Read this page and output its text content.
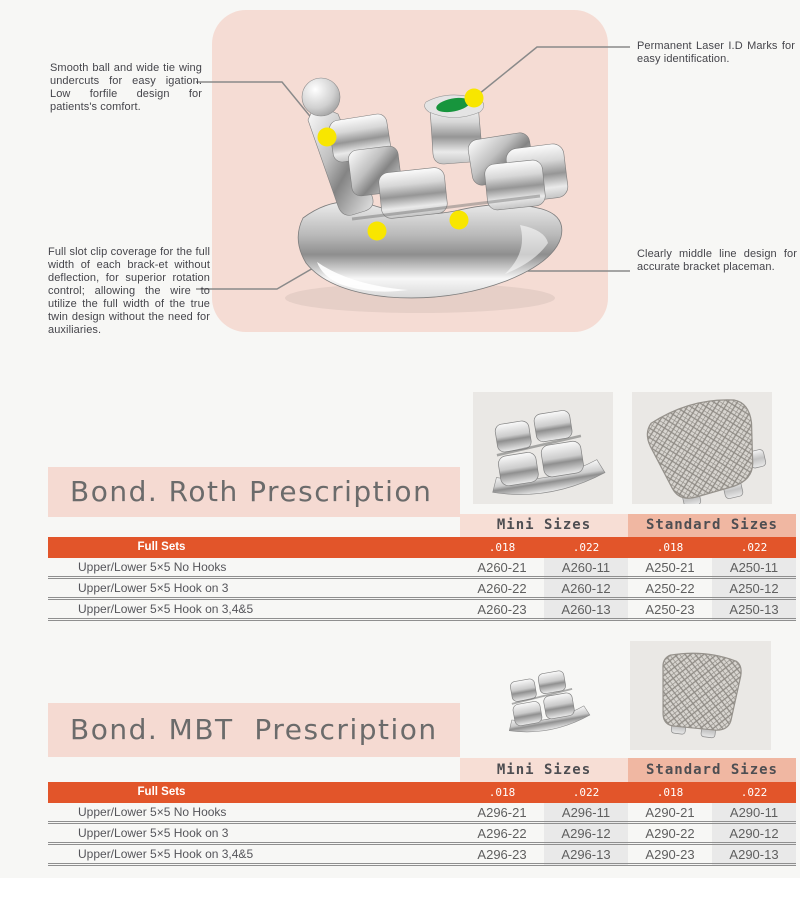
Smooth ball and wide tie wing undercuts for easy igation. Low forfile design for patients's comfort.
Full slot clip coverage for the full width of each brack-et without deflection, for superior rotation control; allowing the wire to utilize the full width of the true twin design without the need for auxiliaries.
Permanent Laser I.D Marks for easy identification.
Clearly middle line design for accurate bracket placeman.
Bond. Roth Prescription
Mini Sizes	Standard Sizes
Full Sets	.018	.022	.018	.022
Upper/Lower 5×5 No Hooks	A260-21	A260-11	A250-21	A250-11
Upper/Lower 5×5 Hook on 3	A260-22	A260-12	A250-22	A250-12
Upper/Lower 5×5 Hook on 3,4&5	A260-23	A260-13	A250-23	A250-13
Bond. MBT  Prescription
Mini Sizes	Standard Sizes
Full Sets	.018	.022	.018	.022
Upper/Lower 5×5 No Hooks	A296-21	A296-11	A290-21	A290-11
Upper/Lower 5×5 Hook on 3	A296-22	A296-12	A290-22	A290-12
Upper/Lower 5×5 Hook on 3,4&5	A296-23	A296-13	A290-23	A290-13
